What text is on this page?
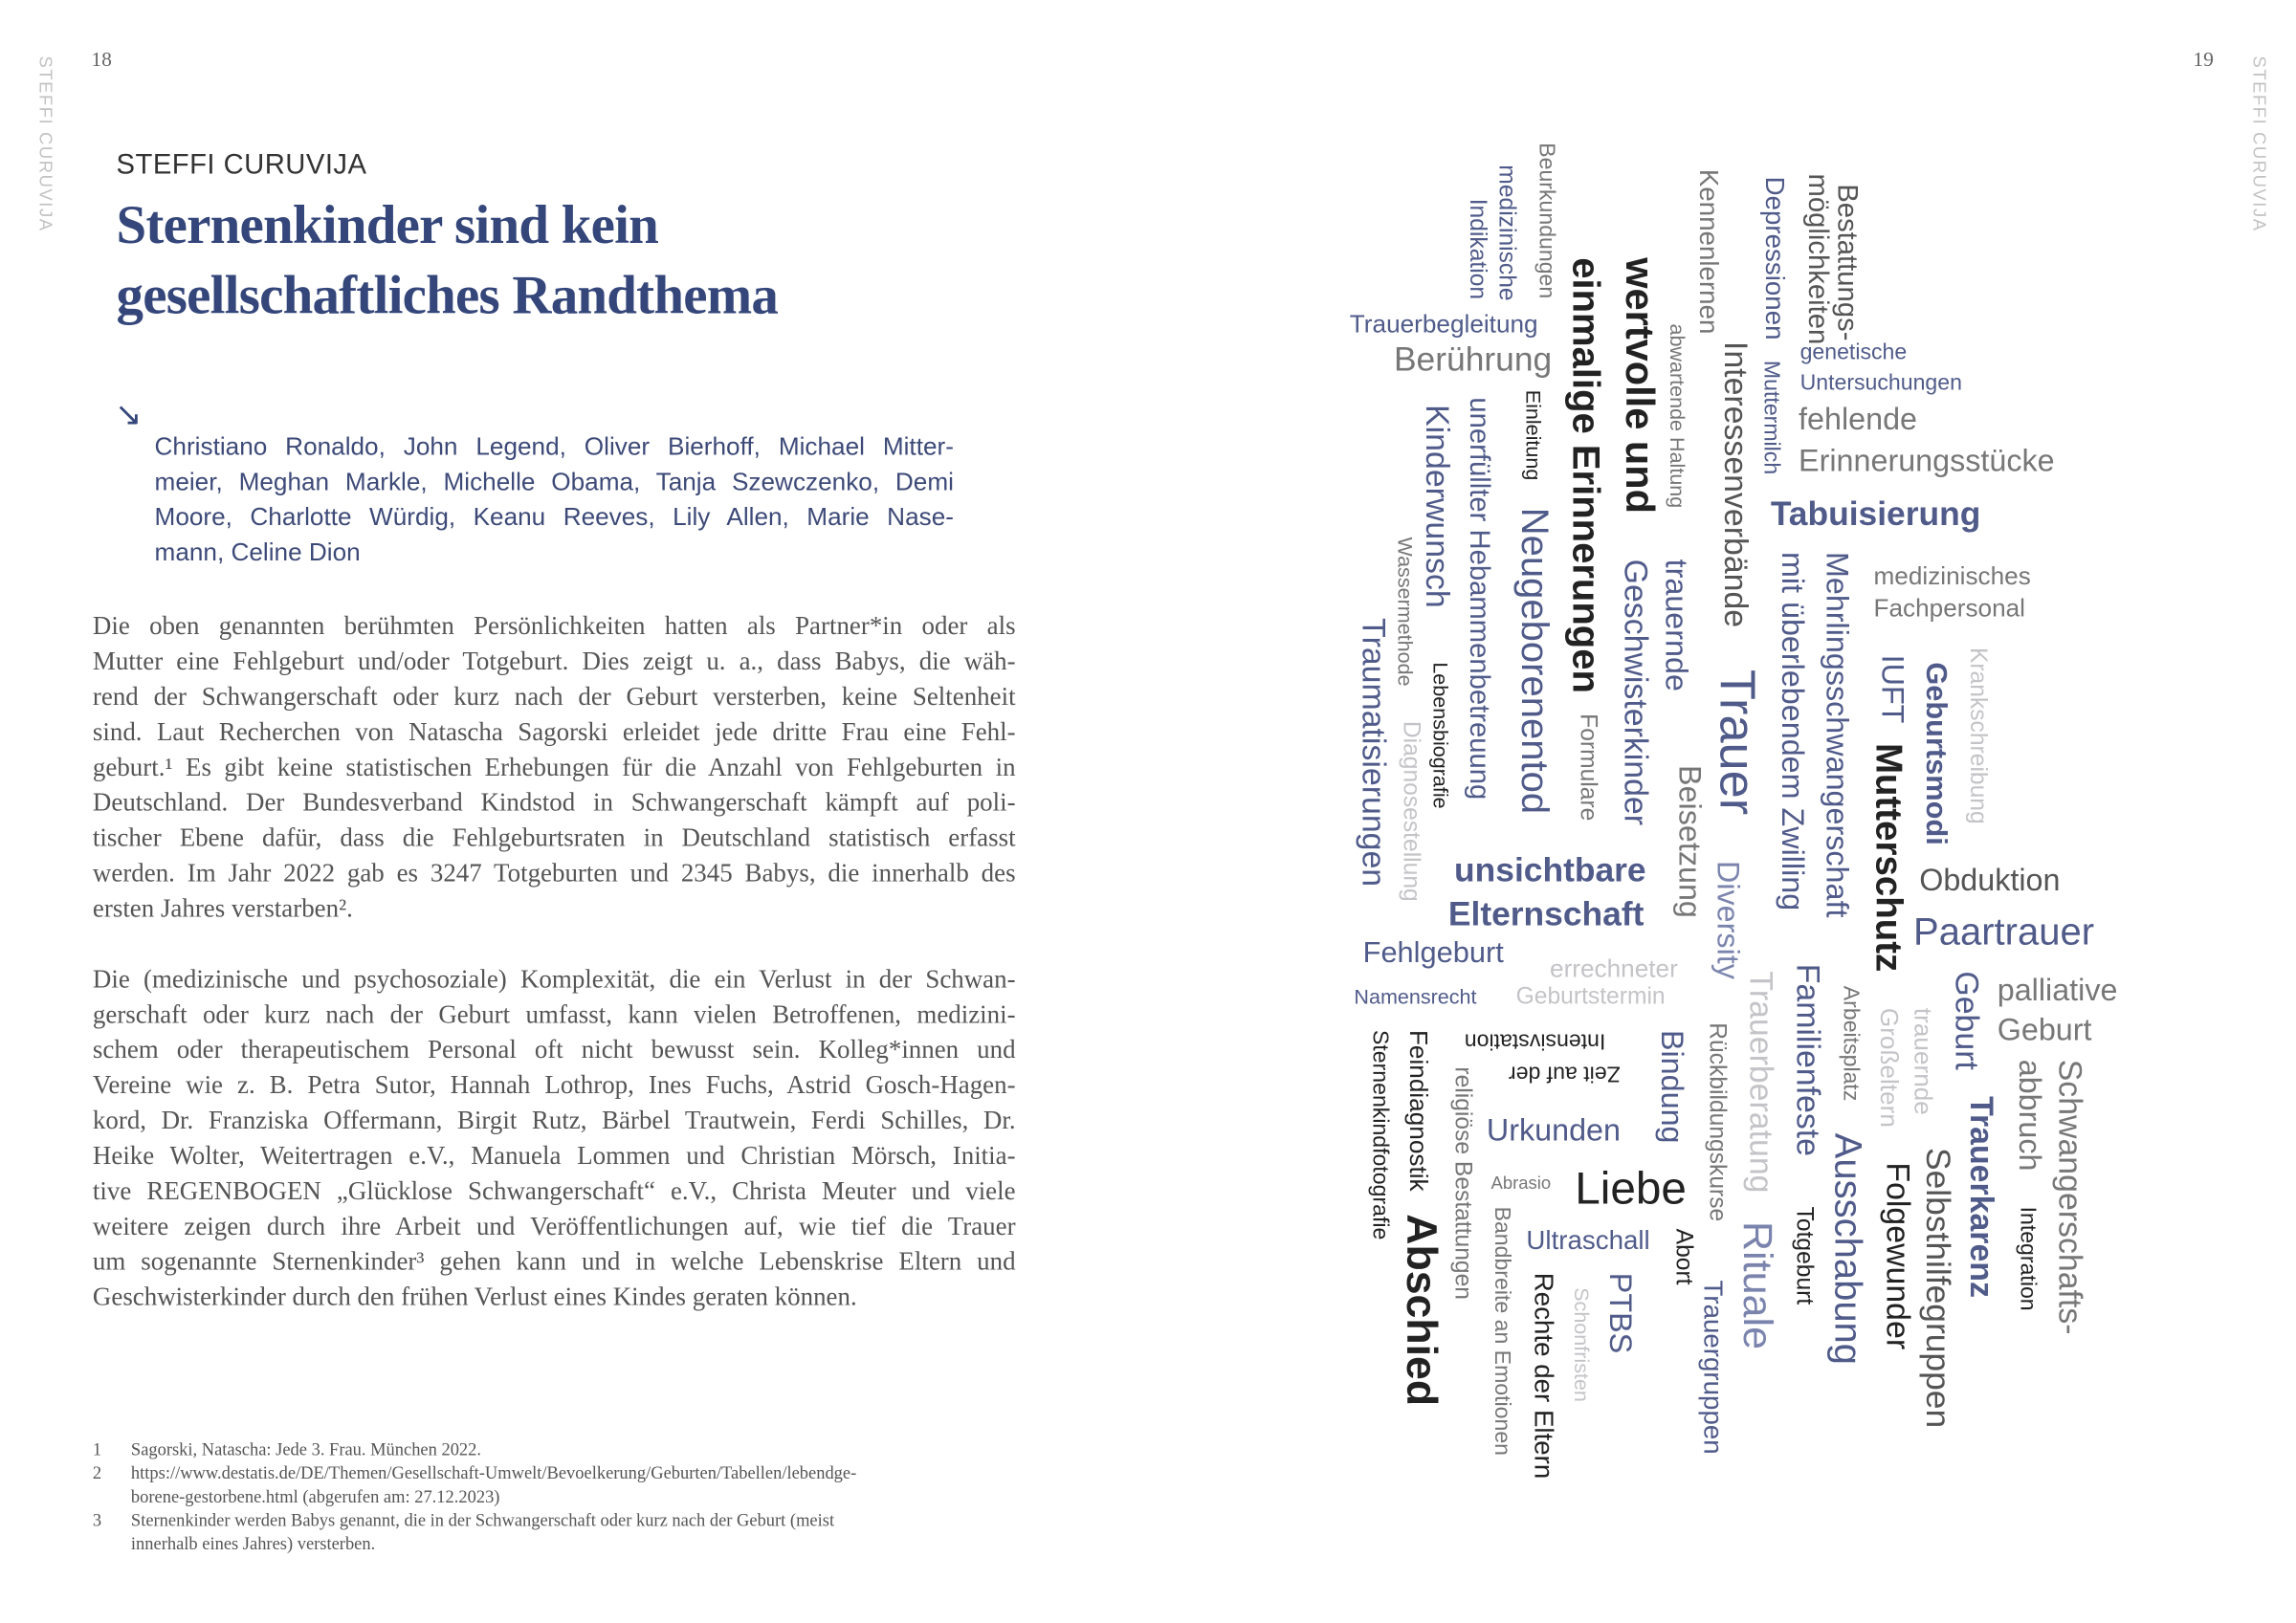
18
STEFFI CURUVIJA	STEFFI CURUVIJA
Sternenkinder sind kein
gesellschaftliches Randthema
↘
Christiano Ronaldo, John Legend, Oliver Bierhoff, Michael Mitter-
meier, Meghan Markle, Michelle Obama, Tanja Szewczenko, Demi
Moore, Charlotte Würdig, Keanu Reeves, Lily Allen, Marie Nase-
mann, Celine Dion
Die oben genannten berühmten Persönlichkeiten hatten als Partner*in oder als
Mutter eine Fehlgeburt und/oder Totgeburt. Dies zeigt u. a., dass Babys, die wäh-
rend der Schwangerschaft oder kurz nach der Geburt versterben, keine Seltenheit
sind. Laut Recherchen von Natascha Sagorski erleidet jede dritte Frau eine Fehl-
geburt.¹ Es gibt keine statistischen Erhebungen für die Anzahl von Fehlgeburten in
Deutschland. Der Bundesverband Kindstod in Schwangerschaft kämpft auf poli-
tischer Ebene dafür, dass die Fehlgeburtsraten in Deutschland statistisch erfasst
werden. Im Jahr 2022 gab es 3247 Totgeburten und 2345 Babys, die innerhalb des
ersten Jahres verstarben².
Die (medizinische und psychosoziale) Komplexität, die ein Verlust in der Schwan-
gerschaft oder kurz nach der Geburt umfasst, kann vielen Betroffenen, medizini-
schem oder therapeutischem Personal oft nicht bewusst sein. Kolleg*innen und
Vereine wie z. B. Petra Sutor, Hannah Lothrop, Ines Fuchs, Astrid Gosch-Hagen-
kord, Dr. Franziska Offermann, Birgit Rutz, Bärbel Trautwein, Ferdi Schilles, Dr.
Heike Wolter, Weitertragen e.V., Manuela Lommen und Christian Mörsch, Initia-
tive REGENBOGEN „Glücklose Schwangerschaft“ e.V., Christa Meuter und viele
weitere zeigen durch ihre Arbeit und Veröffentlichungen auf, wie tief die Trauer
um sogenannte Sternenkinder³ gehen kann und in welche Lebenskrise Eltern und
Geschwisterkinder durch den frühen Verlust eines Kindes geraten können.
1	Sagorski, Natascha: Jede 3. Frau. München 2022.
2	https://www.destatis.de/DE/Themen/Gesellschaft-Umwelt/Bevoelkerung/Geburten/Tabellen/lebendge-
borene-gestorbene.html (abgerufen am: 27.12.2023)
3	Sternenkinder werden Babys genannt, die in der Schwangerschaft oder kurz nach der Geburt (meist
innerhalb eines Jahres) versterben.
19	STEFFI CURUVIJA
Beurkundungen
medizinische
Indikation
wertvolle und
einmalige Erinnerungen	abwartende Haltung
Kennenlernen Depressionen Bestattungs-
möglichkeiten
Muttermilch
Interessenverbände
Einleitung
unerfüllter Hebammenbetreuung
Kinderwunsch
Wassermethode
Lebensbiografie Neugeborenentod
Traumatisierungen Diagnosestellung	Formulare Geschwisterkinder trauernde
Beisetzung
Trauer
Diversity
mit überlebendem Zwilling Mehrlingsschwangerschaft IUFT
Mutterschutz Geburtsmodi Krankschreibung
Trauerberatung Familienfeste Arbeitsplatz Großeltern trauernde Geburt
Schwangerschafts-
abbruch
Integration
Trauerkarenz
Selbsthilfegruppen
Folgewunder
Ausschabung
Totgeburt
Rituale
Rückbildungskurse
Trauergruppen
Bindung
Abort
PTBS
Schonfristen
Rechte der Eltern
Bandbreite an Emotionen
religiöse Bestattungen
Feindiagnostik
Sternenkindfotografie
Abschied
Trauerbegleitung
Berührung	genetische
Untersuchungen
fehlende
Erinnerungsstücke
Tabuisierung
medizinisches
Fachpersonal
unsichtbare
Elternschaft
Fehlgeburt	errechneter
Namensrecht	Geburtstermin
Obduktion
Paartrauer
palliative
Geburt
Urkunden
Abrasio Liebe
Ultraschall
Intensivstation
Zeit auf der
